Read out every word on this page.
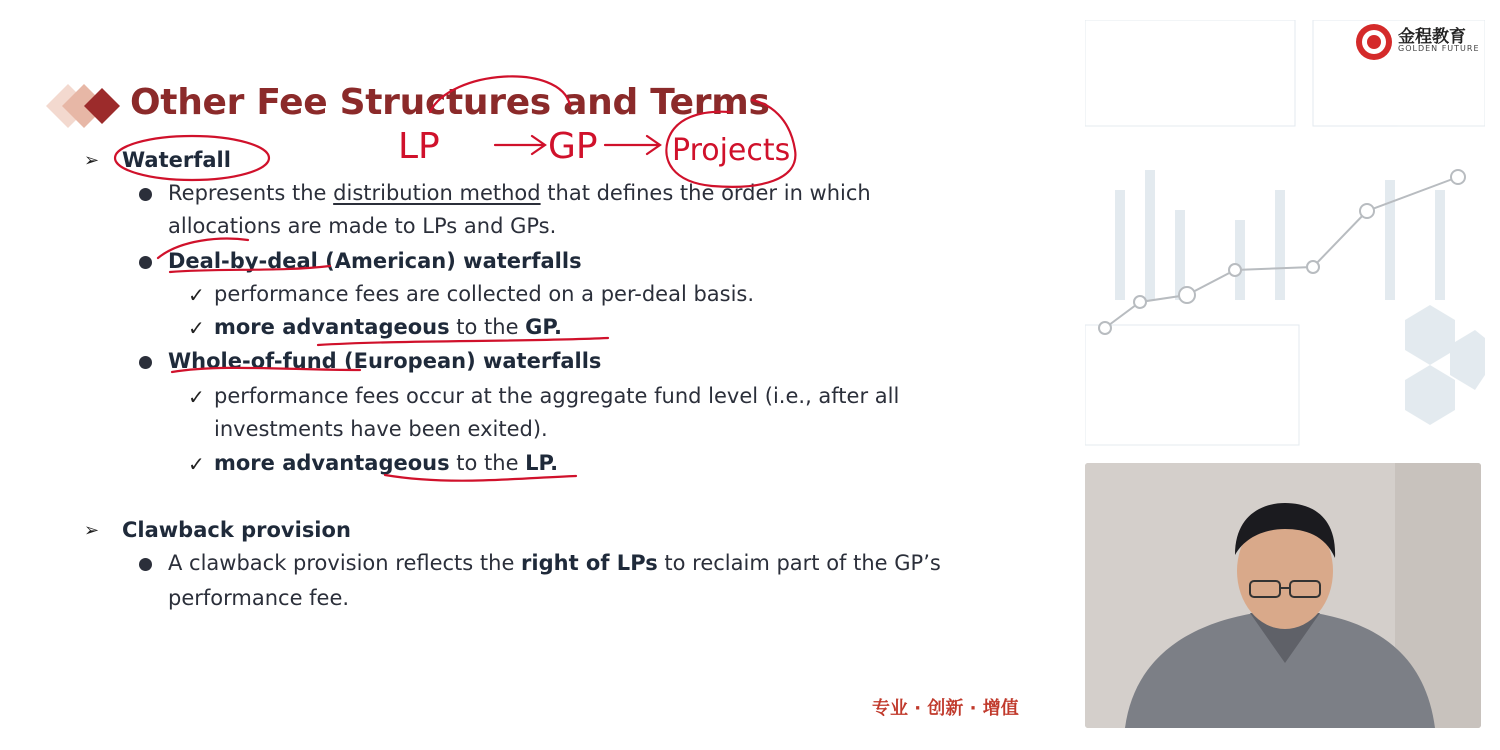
Other Fee Structures and Terms
➢ Waterfall
Represents the distribution method that defines the order in which
allocations are made to LPs and GPs.
Deal-by-deal (American) waterfalls
✓ performance fees are collected on a per-deal basis.
✓ more advantageous to the GP.
Whole-of-fund (European) waterfalls
✓ performance fees occur at the aggregate fund level (i.e., after all
investments have been exited).
✓ more advantageous to the LP.
➢ Clawback provision
A clawback provision reflects the right of LPs to reclaim part of the GP’s
performance fee.
专业 · 创新 · 增值
金程教育
GOLDEN FUTURE
LP	GP Projects
